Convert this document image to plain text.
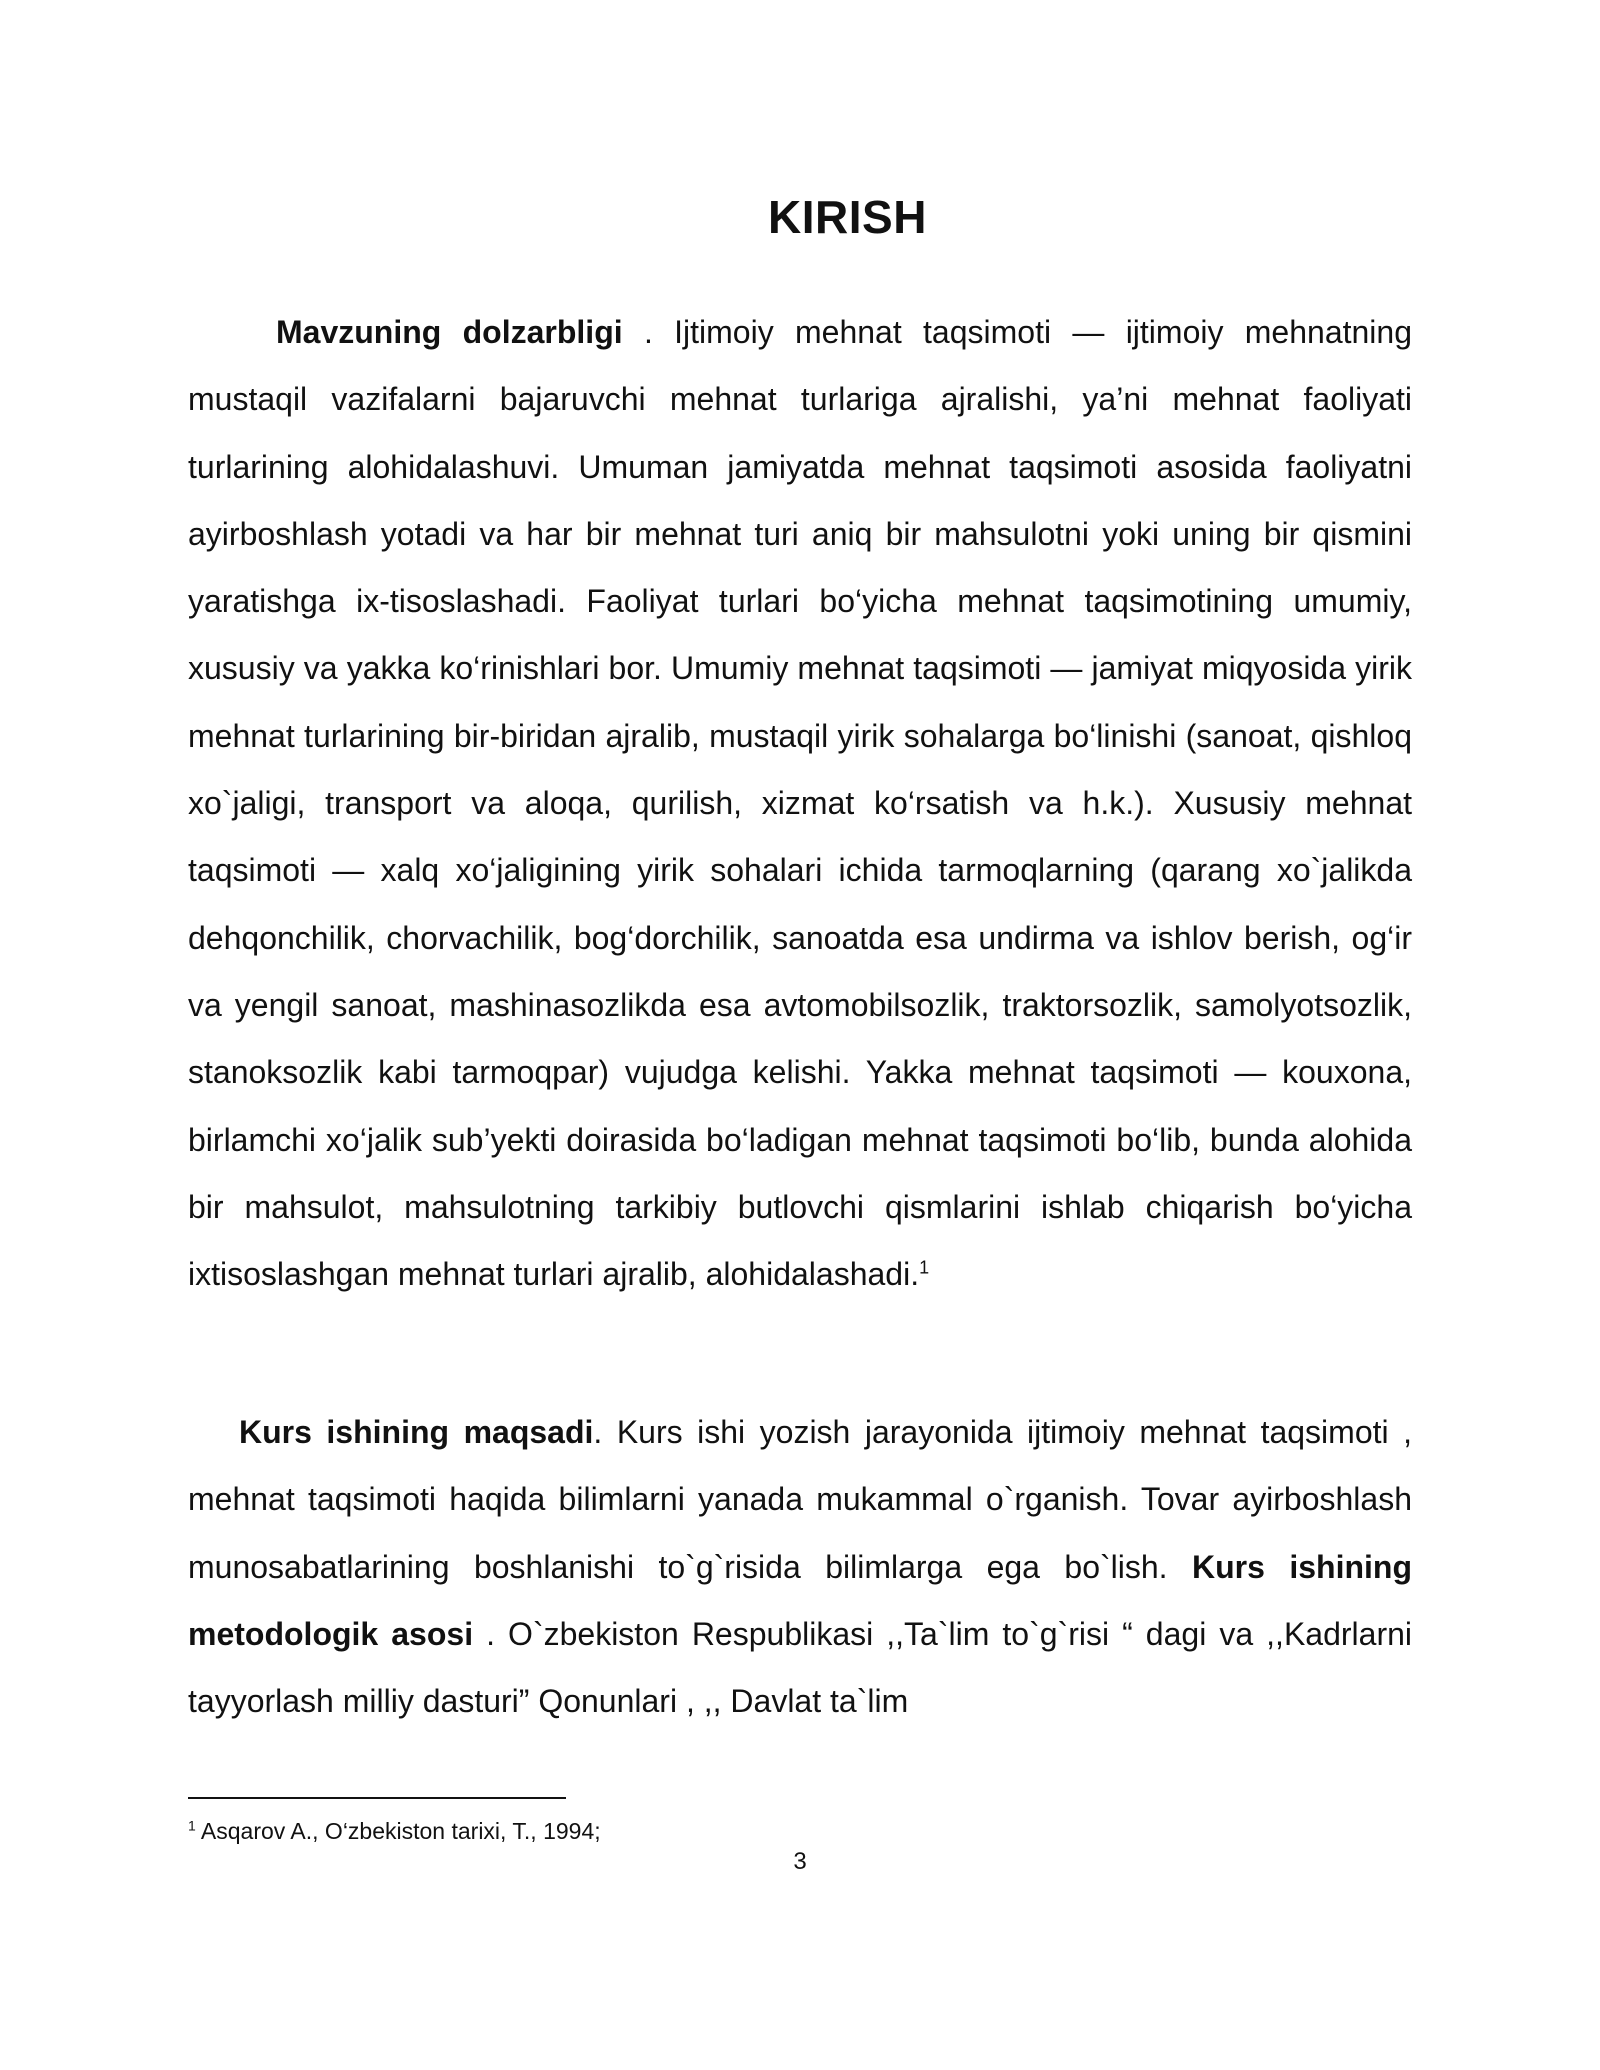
KIRISH

Mavzuning dolzarbligi . Ijtimoiy mehnat taqsimoti — ijtimoiy mehnatning mustaqil vazifalarni bajaruvchi mehnat turlariga ajralishi, ya’ni mehnat faoliyati turlarining alohidalashuvi. Umuman jamiyatda mehnat taqsimoti asosida faoliyatni ayirboshlash yotadi va har bir mehnat turi aniq bir mahsulotni yoki uning bir qismini yaratishga ix-tisoslashadi. Faoliyat turlari bo‘yicha mehnat taqsimotining umumiy, xususiy va yakka ko‘rinishlari bor. Umumiy mehnat taqsimoti — jamiyat miqyosida yirik mehnat turlarining bir-biridan ajralib, mustaqil yirik sohalarga bo‘linishi (sanoat, qishloq xo`jaligi, transport va aloqa, qurilish, xizmat ko‘rsatish va h.k.). Xususiy mehnat taqsimoti — xalq xo‘jaligining yirik sohalari ichida tarmoqlarning (qarang xo`jalikda dehqonchilik, chorvachilik, bog‘dorchilik, sanoatda esa undirma va ishlov berish, og‘ir va yengil sanoat, mashinasozlikda esa avtomobilsozlik, traktorsozlik, samolyotsozlik, stanoksozlik kabi tarmoqpar) vujudga kelishi. Yakka mehnat taqsimoti — kouxona, birlamchi xo‘jalik sub’yekti doirasida bo‘ladigan mehnat taqsimoti bo‘lib, bunda alohida bir mahsulot, mahsulotning tarkibiy butlovchi qismlarini ishlab chiqarish bo‘yicha ixtisoslashgan mehnat turlari ajralib, alohidalashadi.$^1$

Kurs ishining maqsadi. Kurs ishi yozish jarayonida ijtimoiy mehnat taqsimoti , mehnat taqsimoti haqida bilimlarni yanada mukammal o`rganish. Tovar ayirboshlash munosabatlarining boshlanishi to`g`risida bilimlarga ega bo`lish. Kurs ishining metodologik asosi . O`zbekiston Respublikasi ,,Ta`lim to`g`risi “ dagi va ,,Kadrlarni tayyorlash milliy dasturi” Qonunlari , ,, Davlat ta`lim

$^1$ Asqarov A., O‘zbekiston tarixi, T., 1994;
3
